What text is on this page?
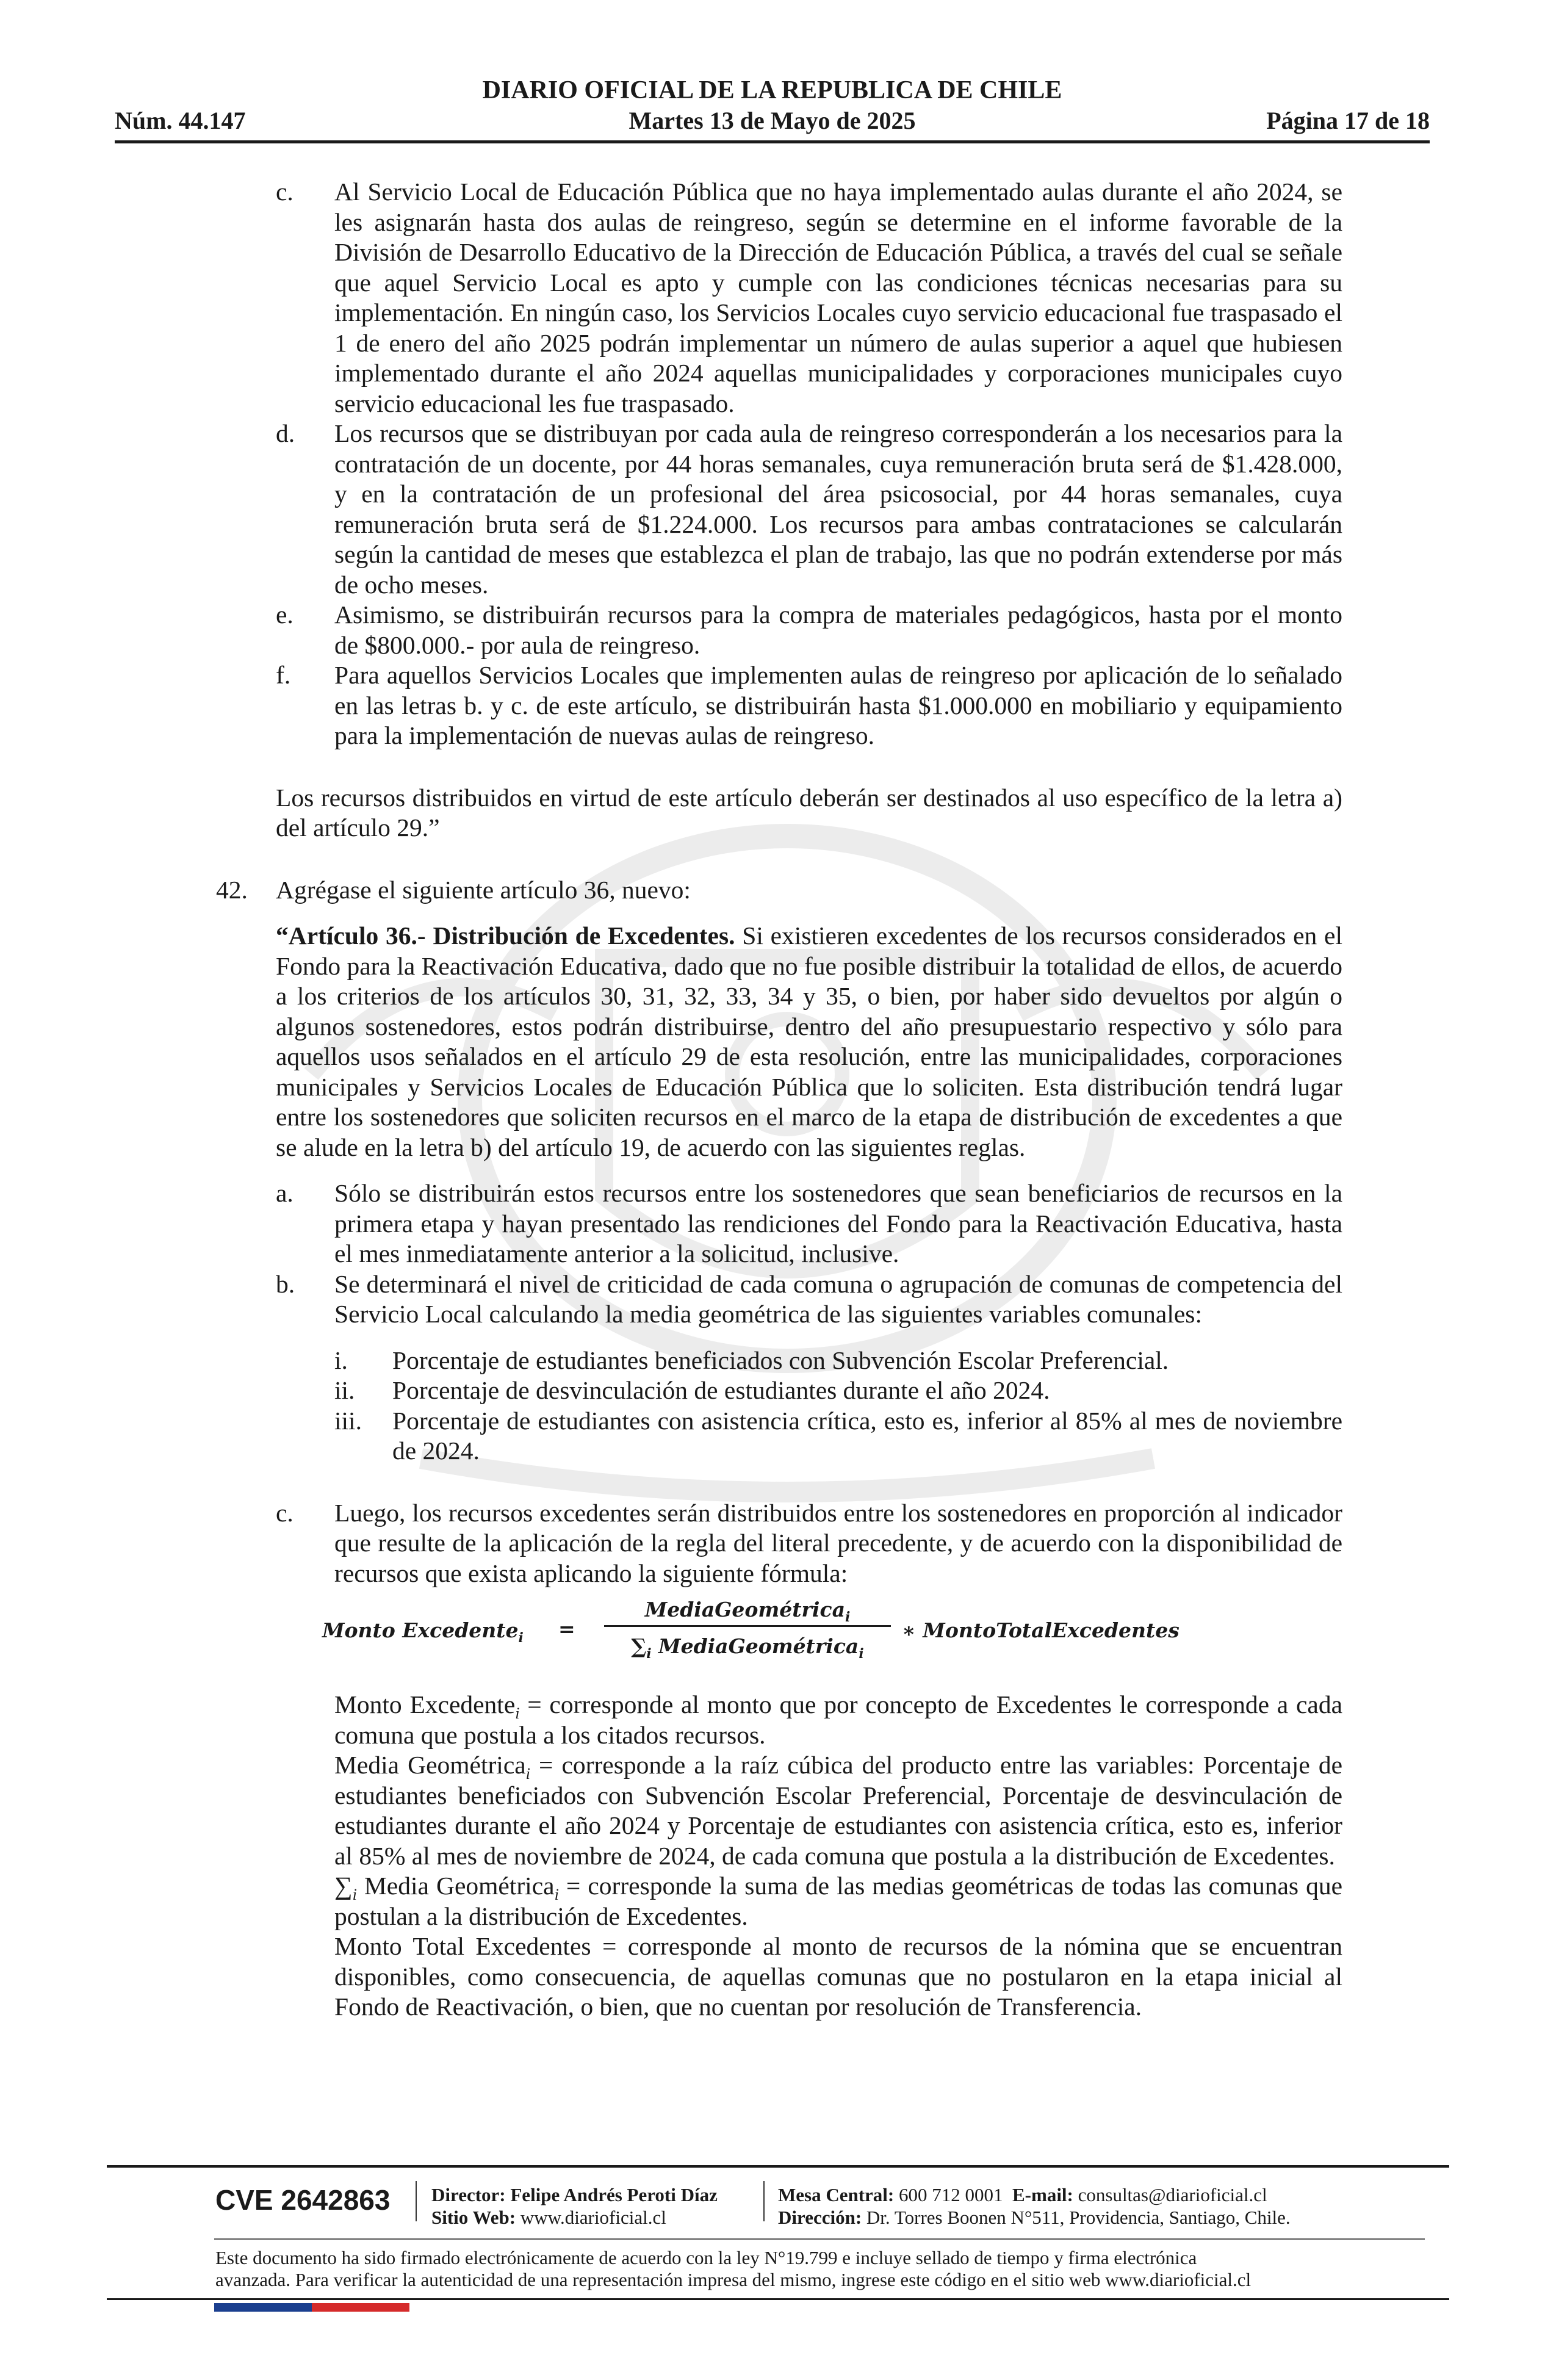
DIARIO OFICIAL DE LA REPUBLICA DE CHILE
Núm. 44.147	Martes 13 de Mayo de 2025	Página 17 de 18
c. Al Servicio Local de Educación Pública que no haya implementado aulas durante el año 2024, se les asignarán hasta dos aulas de reingreso, según se determine en el informe favorable de la División de Desarrollo Educativo de la Dirección de Educación Pública, a través del cual se señale que aquel Servicio Local es apto y cumple con las condiciones técnicas necesarias para su implementación. En ningún caso, los Servicios Locales cuyo servicio educacional fue traspasado el 1 de enero del año 2025 podrán implementar un número de aulas superior a aquel que hubiesen implementado durante el año 2024 aquellas municipalidades y corporaciones municipales cuyo servicio educacional les fue traspasado.
d. Los recursos que se distribuyan por cada aula de reingreso corresponderán a los necesarios para la contratación de un docente, por 44 horas semanales, cuya remuneración bruta será de $1.428.000, y en la contratación de un profesional del área psicosocial, por 44 horas semanales, cuya remuneración bruta será de $1.224.000. Los recursos para ambas contrataciones se calcularán según la cantidad de meses que establezca el plan de trabajo, las que no podrán extenderse por más de ocho meses.
e. Asimismo, se distribuirán recursos para la compra de materiales pedagógicos, hasta por el monto de $800.000.- por aula de reingreso.
f. Para aquellos Servicios Locales que implementen aulas de reingreso por aplicación de lo señalado en las letras b. y c. de este artículo, se distribuirán hasta $1.000.000 en mobiliario y equipamiento para la implementación de nuevas aulas de reingreso.
Los recursos distribuidos en virtud de este artículo deberán ser destinados al uso específico de la letra a) del artículo 29.”
42. Agrégase el siguiente artículo 36, nuevo:
“Artículo 36.- Distribución de Excedentes. Si existieren excedentes de los recursos considerados en el Fondo para la Reactivación Educativa, dado que no fue posible distribuir la totalidad de ellos, de acuerdo a los criterios de los artículos 30, 31, 32, 33, 34 y 35, o bien, por haber sido devueltos por algún o algunos sostenedores, estos podrán distribuirse, dentro del año presupuestario respectivo y sólo para aquellos usos señalados en el artículo 29 de esta resolución, entre las municipalidades, corporaciones municipales y Servicios Locales de Educación Pública que lo soliciten. Esta distribución tendrá lugar entre los sostenedores que soliciten recursos en el marco de la etapa de distribución de excedentes a que se alude en la letra b) del artículo 19, de acuerdo con las siguientes reglas.
a. Sólo se distribuirán estos recursos entre los sostenedores que sean beneficiarios de recursos en la primera etapa y hayan presentado las rendiciones del Fondo para la Reactivación Educativa, hasta el mes inmediatamente anterior a la solicitud, inclusive.
b. Se determinará el nivel de criticidad de cada comuna o agrupación de comunas de competencia del Servicio Local calculando la media geométrica de las siguientes variables comunales:
i. Porcentaje de estudiantes beneficiados con Subvención Escolar Preferencial.
ii. Porcentaje de desvinculación de estudiantes durante el año 2024.
iii. Porcentaje de estudiantes con asistencia crítica, esto es, inferior al 85% al mes de noviembre de 2024.
c. Luego, los recursos excedentes serán distribuidos entre los sostenedores en proporción al indicador que resulte de la aplicación de la regla del literal precedente, y de acuerdo con la disponibilidad de recursos que exista aplicando la siguiente fórmula:
Monto Excedente$_i$ =
MediaGeométrica$_i$
$\sum_i$ MediaGeométrica$_i$
∗ MontoTotalExcedentes
Monto Excedente$_i$ = corresponde al monto que por concepto de Excedentes le corresponde a cada comuna que postula a los citados recursos.
Media Geométrica$_i$ = corresponde a la raíz cúbica del producto entre las variables: Porcentaje de estudiantes beneficiados con Subvención Escolar Preferencial, Porcentaje de desvinculación de estudiantes durante el año 2024 y Porcentaje de estudiantes con asistencia crítica, esto es, inferior al 85% al mes de noviembre de 2024, de cada comuna que postula a la distribución de Excedentes.
$\sum_i$ Media Geométrica$_i$ = corresponde la suma de las medias geométricas de todas las comunas que postulan a la distribución de Excedentes.
Monto Total Excedentes = corresponde al monto de recursos de la nómina que se encuentran disponibles, como consecuencia, de aquellas comunas que no postularon en la etapa inicial al Fondo de Reactivación, o bien, que no cuentan por resolución de Transferencia.
CVE 2642863 Director: Felipe Andrés Peroti Díaz
Sitio Web: www.diarioficial.cl
Mesa Central: 600 712 0001 E-mail: consultas@diarioficial.cl
Dirección: Dr. Torres Boonen N°511, Providencia, Santiago, Chile.
Este documento ha sido firmado electrónicamente de acuerdo con la ley N°19.799 e incluye sellado de tiempo y firma electrónica
avanzada. Para verificar la autenticidad de una representación impresa del mismo, ingrese este código en el sitio web www.diarioficial.cl
